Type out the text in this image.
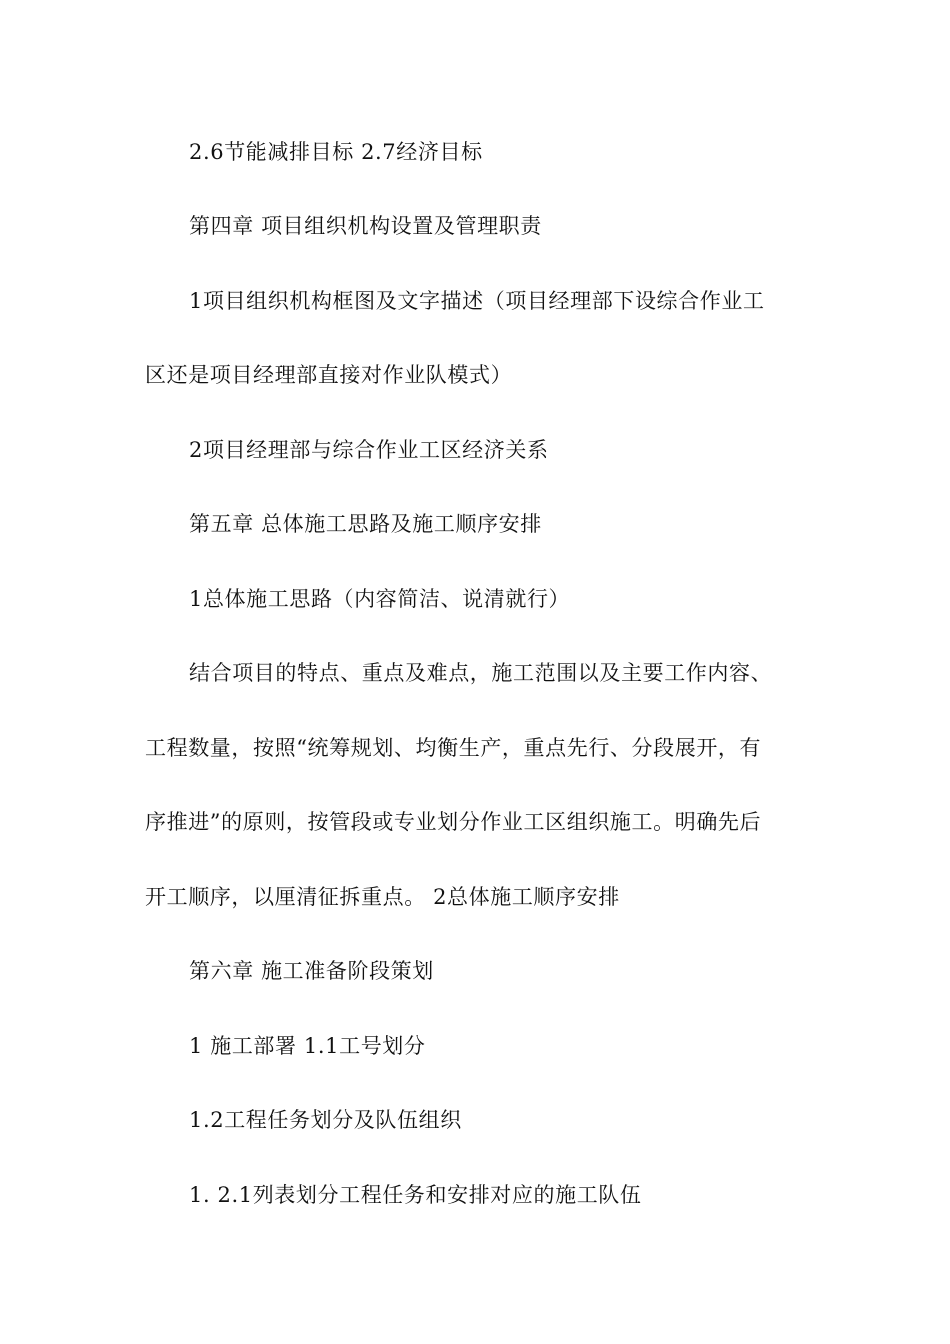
2.6节能减排目标 2.7经济目标
第四章 项目组织机构设置及管理职责
1项目组织机构框图及文字描述（项目经理部下设综合作业工
区还是项目经理部直接对作业队模式）
2项目经理部与综合作业工区经济关系
第五章 总体施工思路及施工顺序安排
1总体施工思路（内容简洁、说清就行）
结合项目的特点、重点及难点，施工范围以及主要工作内容、
工程数量，按照“统筹规划、均衡生产，重点先行、分段展开，有
序推进”的原则，按管段或专业划分作业工区组织施工。明确先后
开工顺序，以厘清征拆重点。 2总体施工顺序安排
第六章 施工准备阶段策划
1 施工部署 1.1工号划分
1.2工程任务划分及队伍组织
1. 2.1列表划分工程任务和安排对应的施工队伍
